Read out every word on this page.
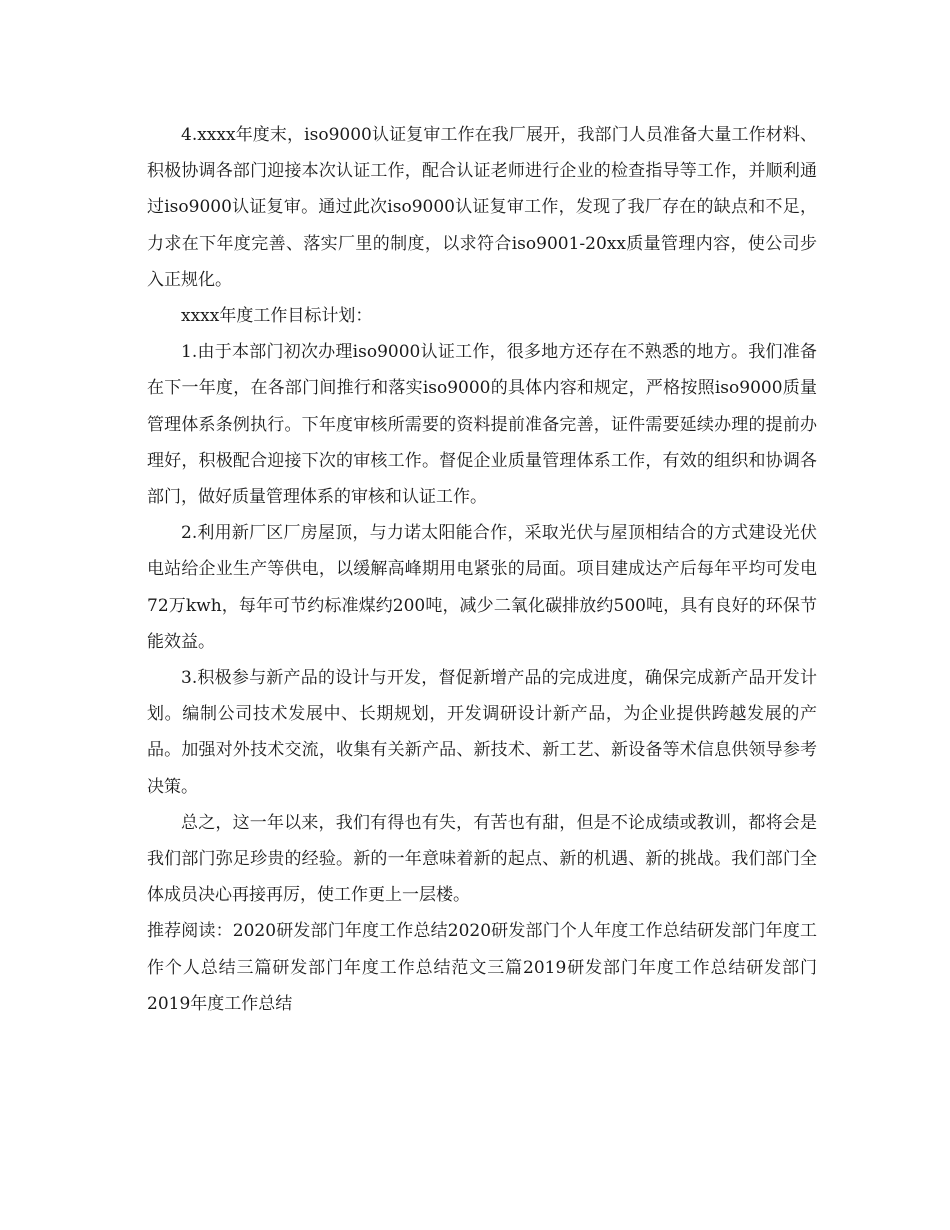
4.xxxx年度末，iso9000认证复审工作在我厂展开，我部门人员准备大量工作材料、积极协调各部门迎接本次认证工作，配合认证老师进行企业的检查指导等工作，并顺利通过iso9000认证复审。通过此次iso9000认证复审工作，发现了我厂存在的缺点和不足，力求在下年度完善、落实厂里的制度，以求符合iso9001-20xx质量管理内容，使公司步入正规化。

xxxx年度工作目标计划：

1.由于本部门初次办理iso9000认证工作，很多地方还存在不熟悉的地方。我们准备在下一年度，在各部门间推行和落实iso9000的具体内容和规定，严格按照iso9000质量管理体系条例执行。下年度审核所需要的资料提前准备完善，证件需要延续办理的提前办理好，积极配合迎接下次的审核工作。督促企业质量管理体系工作，有效的组织和协调各部门，做好质量管理体系的审核和认证工作。

2.利用新厂区厂房屋顶，与力诺太阳能合作，采取光伏与屋顶相结合的方式建设光伏电站给企业生产等供电，以缓解高峰期用电紧张的局面。项目建成达产后每年平均可发电72万kwh，每年可节约标准煤约200吨，减少二氧化碳排放约500吨，具有良好的环保节能效益。

3.积极参与新产品的设计与开发，督促新增产品的完成进度，确保完成新产品开发计划。编制公司技术发展中、长期规划，开发调研设计新产品，为企业提供跨越发展的产品。加强对外技术交流，收集有关新产品、新技术、新工艺、新设备等术信息供领导参考决策。

总之，这一年以来，我们有得也有失，有苦也有甜，但是不论成绩或教训，都将会是我们部门弥足珍贵的经验。新的一年意味着新的起点、新的机遇、新的挑战。我们部门全体成员决心再接再厉，使工作更上一层楼。

推荐阅读：2020研发部门年度工作总结2020研发部门个人年度工作总结研发部门年度工作个人总结三篇研发部门年度工作总结范文三篇2019研发部门年度工作总结研发部门2019年度工作总结
